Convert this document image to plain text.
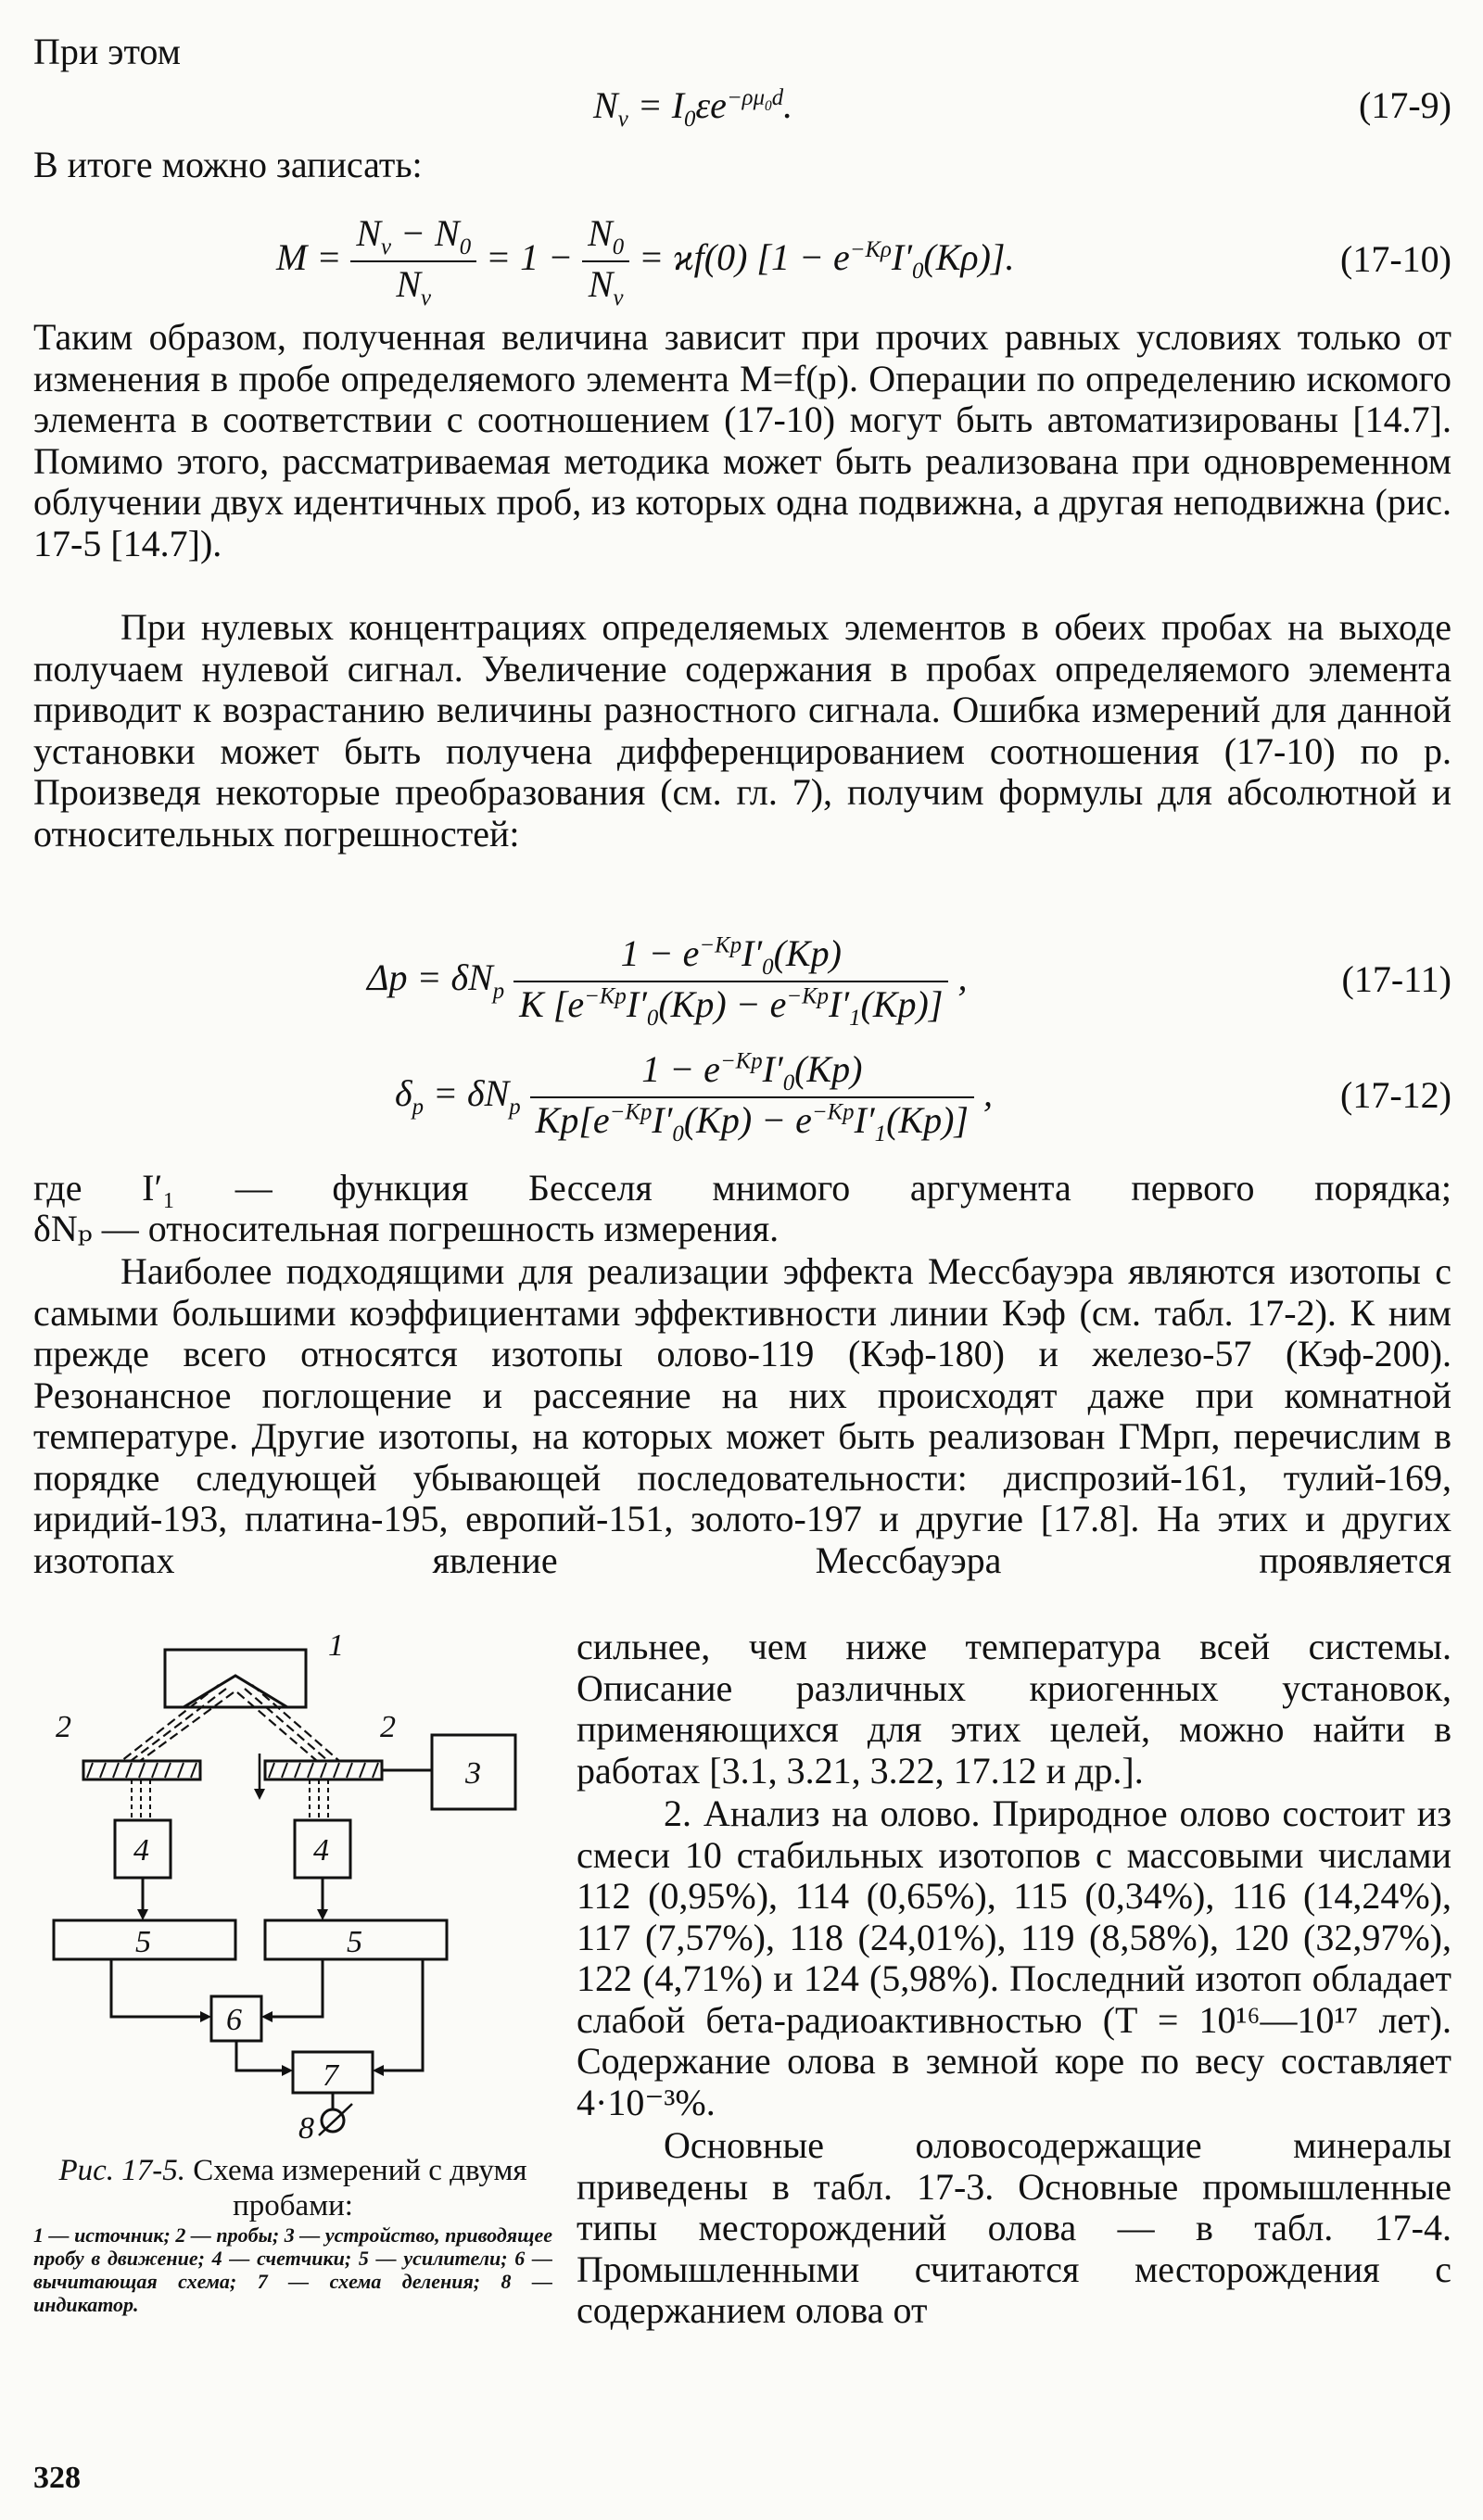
При этом
$N_v = I_0\varepsilon e^{-\rho\mu_0d}$.	(17-9)
В итоге можно записать:
$M = \frac{N_v - N_0}{N_v} = 1 - \frac{N_0}{N_v} = ϰf(0) [1 - e^{-K\rho}I'_0(K\rho)]$.	(17-10)

Таким образом, полученная величина зависит при прочих равных условиях только от изменения в пробе определяемого элемента M=f(p). Операции по определению искомого элемента в соответствии с соотношением (17-10) могут быть автоматизированы [14.7]. Помимо этого, рассматриваемая методика может быть реализована при одновременном облучении двух идентичных проб, из которых одна подвижна, а другая неподвижна (рис. 17-5 [14.7]).

При нулевых концентрациях определяемых элементов в обеих пробах на выходе получаем нулевой сигнал. Увеличение содержания в пробах определяемого элемента приводит к возрастанию величины разностного сигнала. Ошибка измерений для данной установки может быть получена дифференцированием соотношения (17-10) по p. Произведя некоторые преобразования (см. гл. 7), получим формулы для абсолютной и относительных погрешностей:

$\Delta p = \delta N_p \frac{1 - e^{-Kp}I'_0(Kp)}{K [e^{-Kp}I'_0(Kp) - e^{-Kp}I'_1(Kp)]}$ ,	(17-11)
$\delta_p = \delta N_p \frac{1 - e^{-Kp}I'_0(Kp)}{Kp[e^{-Kp}I'_0(Kp) - e^{-Kp}I'_1(Kp)]}$ ,	(17-12)

где I′₁ — функция Бесселя мнимого аргумента первого порядка;

δNₚ — относительная погрешность измерения.

Наиболее подходящими для реализации эффекта Мессбауэра являются изотопы с самыми большими коэффициентами эффективности линии Кэф (см. табл. 17-2). К ним прежде всего относятся изотопы олово-119 (Кэф-180) и железо-57 (Кэф-200). Резонансное поглощение и рассеяние на них происходят даже при комнатной температуре. Другие изотопы, на которых может быть реализован ГМрп, перечислим в порядке следующей убывающей последовательности: диспрозий-161, тулий-169, иридий-193, платина-195, европий-151, золото-197 и другие [17.8]. На этих и других изотопах явление Мессбауэра проявляется

1
2	2
3
4	4
5	5
6
7
8
Рис. 17-5. Схема измерений с двумя пробами:
1 — источник; 2 — пробы; 3 — устройство, приводящее пробу в движение; 4 — счетчики; 5 — усилители; 6 — вычитающая схема; 7 — схема деления; 8 — индикатор.

сильнее, чем ниже температура всей системы. Описание различных криогенных установок, применяющихся для этих целей, можно найти в работах [3.1, 3.21, 3.22, 17.12 и др.].

2. Анализ на олово. Природное олово состоит из смеси 10 стабильных изотопов с массовыми числами 112 (0,95%), 114 (0,65%), 115 (0,34%), 116 (14,24%), 117 (7,57%), 118 (24,01%), 119 (8,58%), 120 (32,97%), 122 (4,71%) и 124 (5,98%). Последний изотоп обладает слабой бета-радиоактивностью (T = 10¹⁶—10¹⁷ лет). Содержание олова в земной коре по весу составляет 4·10⁻³%.

Основные оловосодержащие минералы приведены в табл. 17-3. Основные промышленные типы месторождений олова — в табл. 17-4. Промышленными считаются месторождения с содержанием олова от

328
